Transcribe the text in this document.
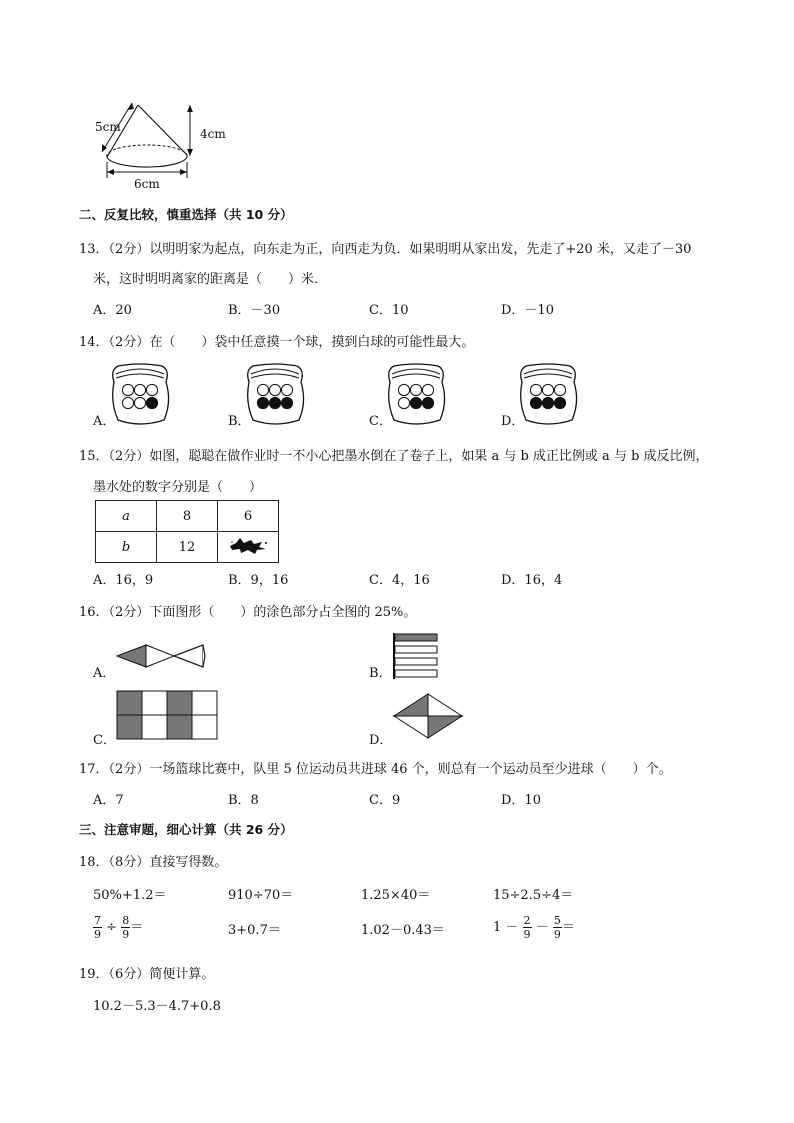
5cm	4cm
6cm
二、反复比较，慎重选择（共 10 分）
13．（2分）以明明家为起点，向东走为正，向西走为负．如果明明从家出发，先走了+20 米，又走了－30
米，这时明明离家的距离是（　　）米．
A．20	B．－30	C．10	D．－10
14．（2分）在（　　）袋中任意摸一个球，摸到白球的可能性最大。
A．	B．	C．	D．
15．（2分）如图，聪聪在做作业时一不小心把墨水倒在了卷子上，如果 a 与 b 成正比例或 a 与 b 成反比例，
墨水处的数字分别是（　　）
a	8	6
b	12	
A．16，9	B．9，16	C．4，16	D．16，4
16．（2分）下面图形（　　）的涂色部分占全图的 25%。
A．	B．
C．	D．
17．（2分）一场篮球比赛中，队里 5 位运动员共进球 46 个，则总有一个运动员至少进球（　　）个。
A．7	B．8	C．9	D．10
三、注意审题，细心计算（共 26 分）
18．（8分）直接写得数。
50%+1.2＝	910÷70＝	1.25×40＝	15÷2.5÷4＝
$\frac{7}{9} \div \frac{8}{9}$ ＝	3+0.7＝	1.02－0.43＝	$1 - \frac{2}{9} - \frac{5}{9}$ ＝
19．（6分）简便计算。
10.2－5.3－4.7+0.8
